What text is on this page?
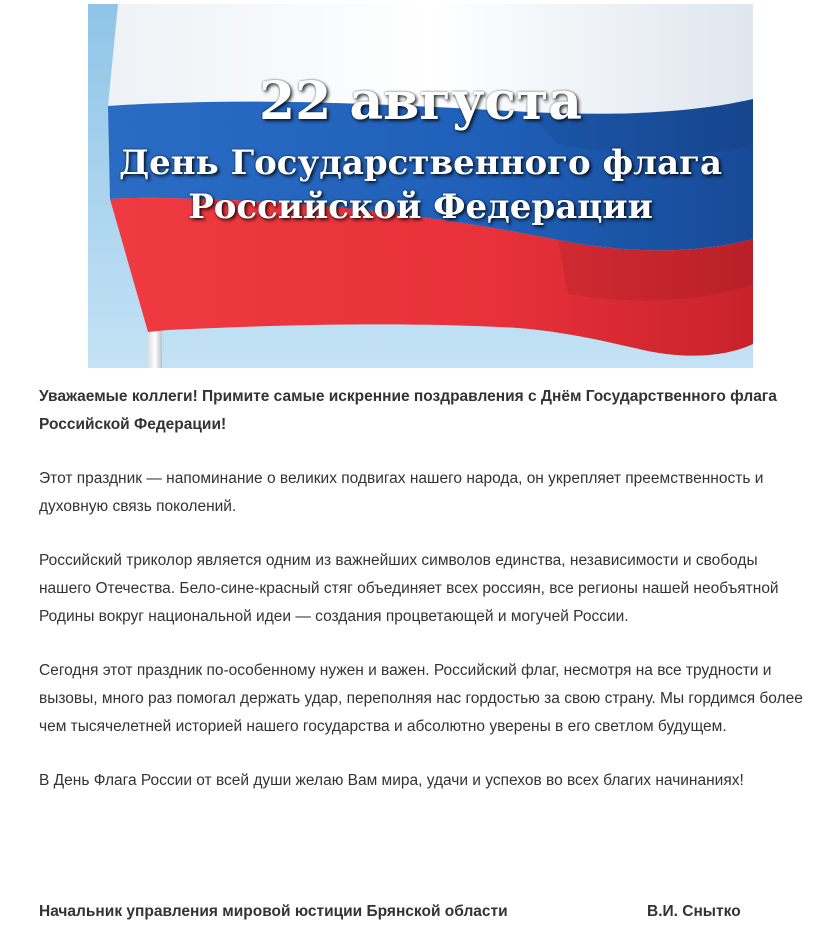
22 августа
День Государственного флага
Российской Федерации

Уважаемые коллеги! Примите самые искренние поздравления с Днём Государственного флага Российской Федерации!

Этот праздник — напоминание о великих подвигах нашего народа, он укрепляет преемственность и духовную связь поколений.

Российский триколор является одним из важнейших символов единства, независимости и свободы нашего Отечества. Бело-сине-красный стяг объединяет всех россиян, все регионы нашей необъятной Родины вокруг национальной идеи — создания процветающей и могучей России.

Сегодня этот праздник по-особенному нужен и важен. Российский флаг, несмотря на все трудности и вызовы, много раз помогал держать удар, переполняя нас гордостью за свою страну. Мы гордимся более чем тысячелетней историей нашего государства и абсолютно уверены в его светлом будущем.

В День Флага России от всей души желаю Вам мира, удачи и успехов во всех благих начинаниях!

Начальник управления мировой юстиции Брянской области	В.И. Снытко
